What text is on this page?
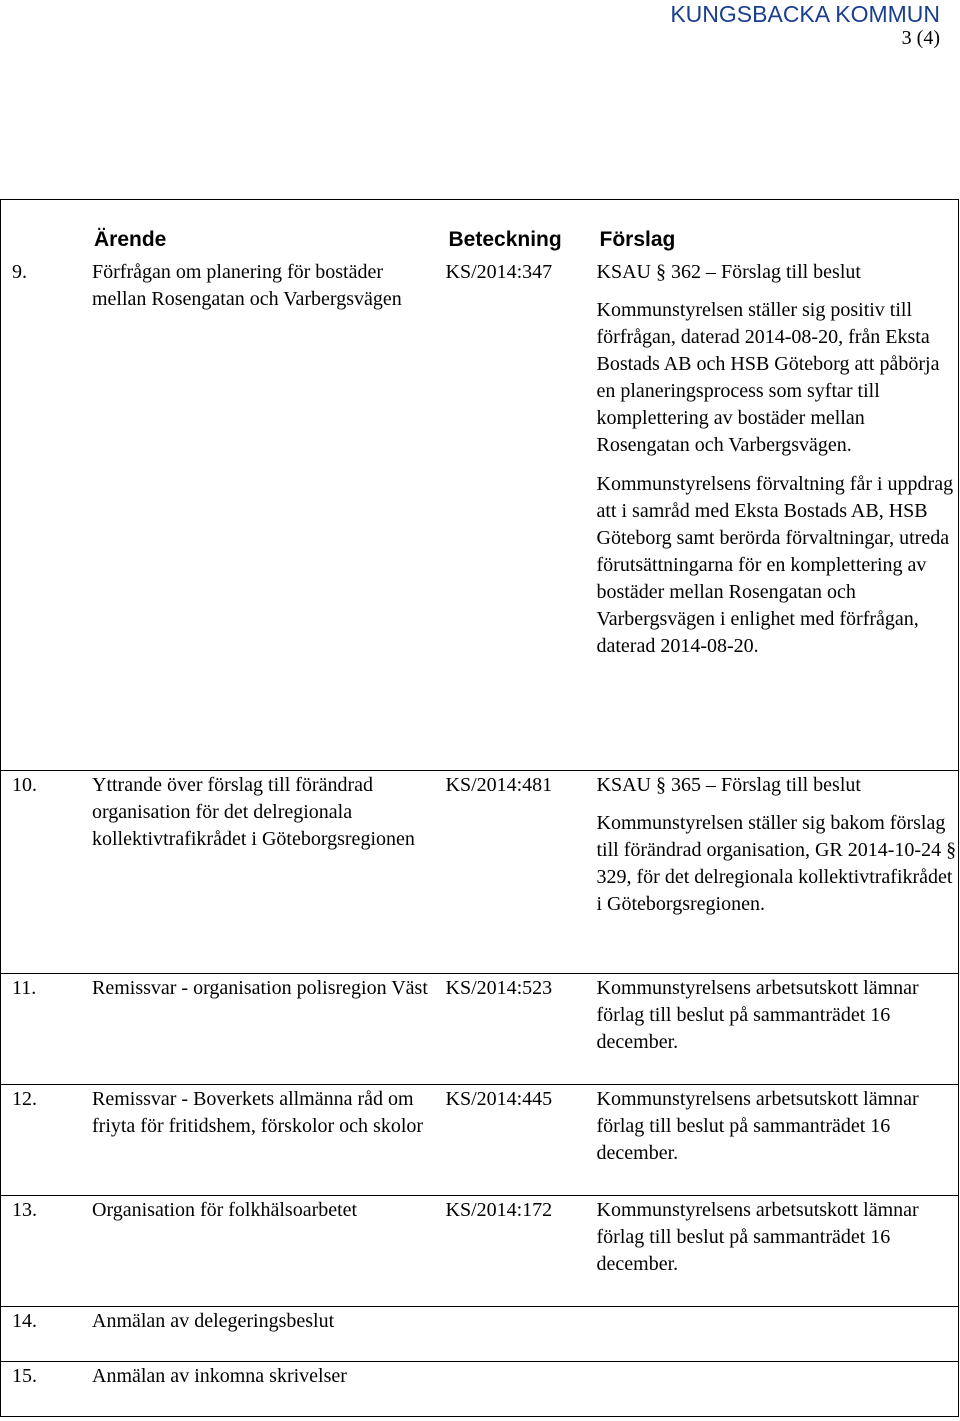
KUNGSBACKA KOMMUN
3 (4)
Ärende	Beteckning	Förslag

9. Förfrågan om planering för bostäder mellan Rosengatan och Varbergsvägen	KS/2014:347	KSAU § 362 – Förslag till beslut
Kommunstyrelsen ställer sig positiv till förfrågan, daterad 2014-08-20, från Eksta Bostads AB och HSB Göteborg att påbörja en planeringsprocess som syftar till komplettering av bostäder mellan Rosengatan och Varbergsvägen.
Kommunstyrelsens förvaltning får i uppdrag att i samråd med Eksta Bostads AB, HSB Göteborg samt berörda förvaltningar, utreda förutsättningarna för en komplettering av bostäder mellan Rosengatan och Varbergsvägen i enlighet med förfrågan, daterad 2014-08-20.

10. Yttrande över förslag till förändrad organisation för det delregionala kollektivtrafikrådet i Göteborgsregionen	KS/2014:481	KSAU § 365 – Förslag till beslut
Kommunstyrelsen ställer sig bakom förslag till förändrad organisation, GR 2014-10-24 § 329, för det delregionala kollektivtrafikrådet i Göteborgsregionen.

11. Remissvar - organisation polisregion Väst	KS/2014:523	Kommunstyrelsens arbetsutskott lämnar förlag till beslut på sammanträdet 16 december.

12. Remissvar - Boverkets allmänna råd om friyta för fritidshem, förskolor och skolor	KS/2014:445	Kommunstyrelsens arbetsutskott lämnar förlag till beslut på sammanträdet 16 december.

13. Organisation för folkhälsoarbetet	KS/2014:172	Kommunstyrelsens arbetsutskott lämnar förlag till beslut på sammanträdet 16 december.

14. Anmälan av delegeringsbeslut		

15. Anmälan av inkomna skrivelser		
